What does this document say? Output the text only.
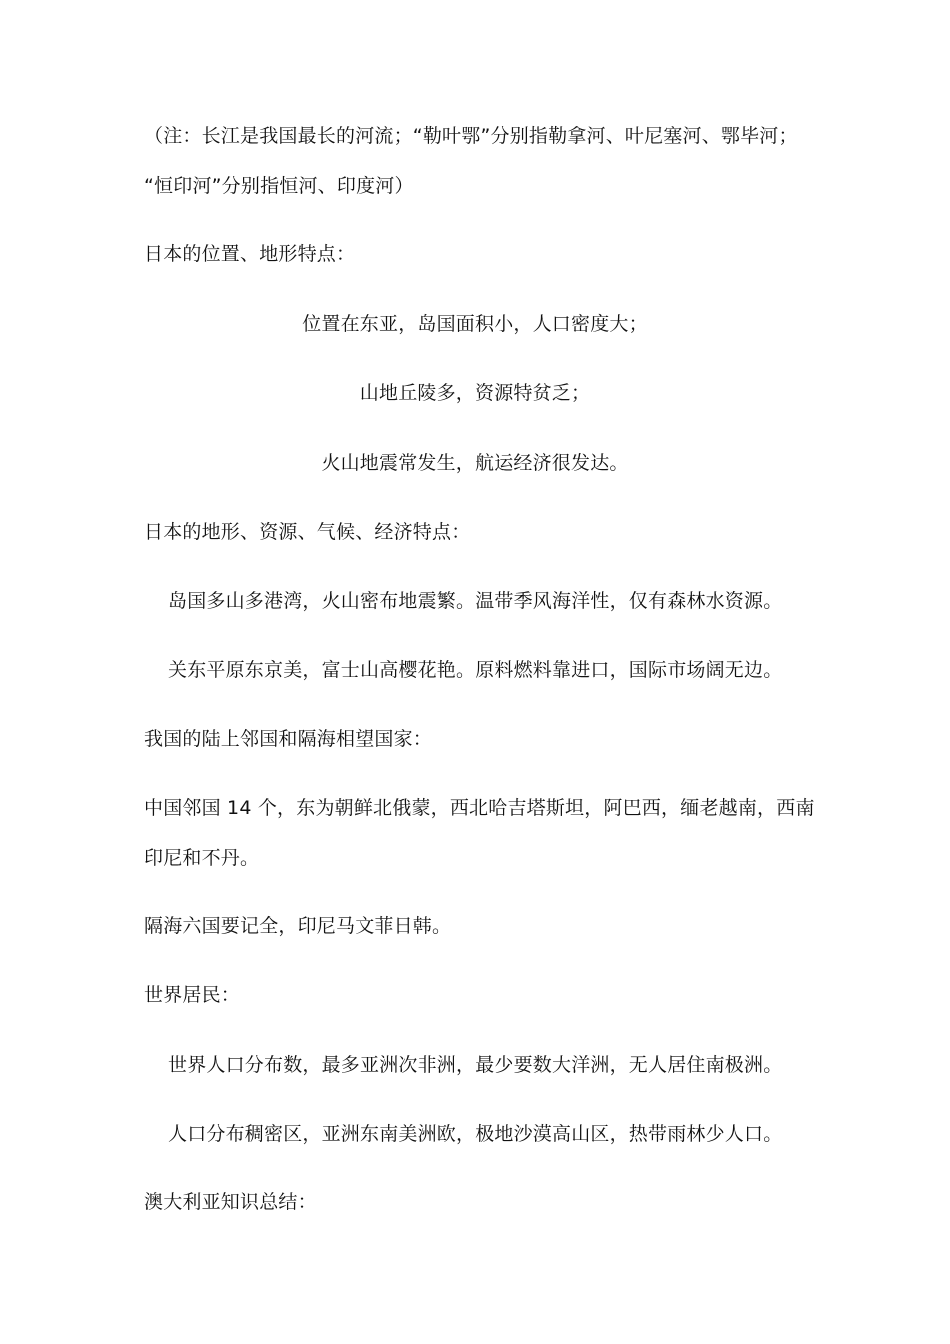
（注：长江是我国最长的河流；“勒叶鄂”分别指勒拿河、叶尼塞河、鄂毕河；
“恒印河”分别指恒河、印度河）
日本的位置、地形特点：
位置在东亚，岛国面积小，人口密度大；
山地丘陵多，资源特贫乏；
火山地震常发生，航运经济很发达。
日本的地形、资源、气候、经济特点：
岛国多山多港湾，火山密布地震繁。温带季风海洋性，仅有森林水资源。
关东平原东京美，富士山高樱花艳。原料燃料靠进口，国际市场阔无边。
我国的陆上邻国和隔海相望国家：
中国邻国 14 个，东为朝鲜北俄蒙，西北哈吉塔斯坦，阿巴西，缅老越南，西南
印尼和不丹。
隔海六国要记全，印尼马文菲日韩。
世界居民：
世界人口分布数，最多亚洲次非洲，最少要数大洋洲，无人居住南极洲。
人口分布稠密区，亚洲东南美洲欧，极地沙漠高山区，热带雨林少人口。
澳大利亚知识总结：
